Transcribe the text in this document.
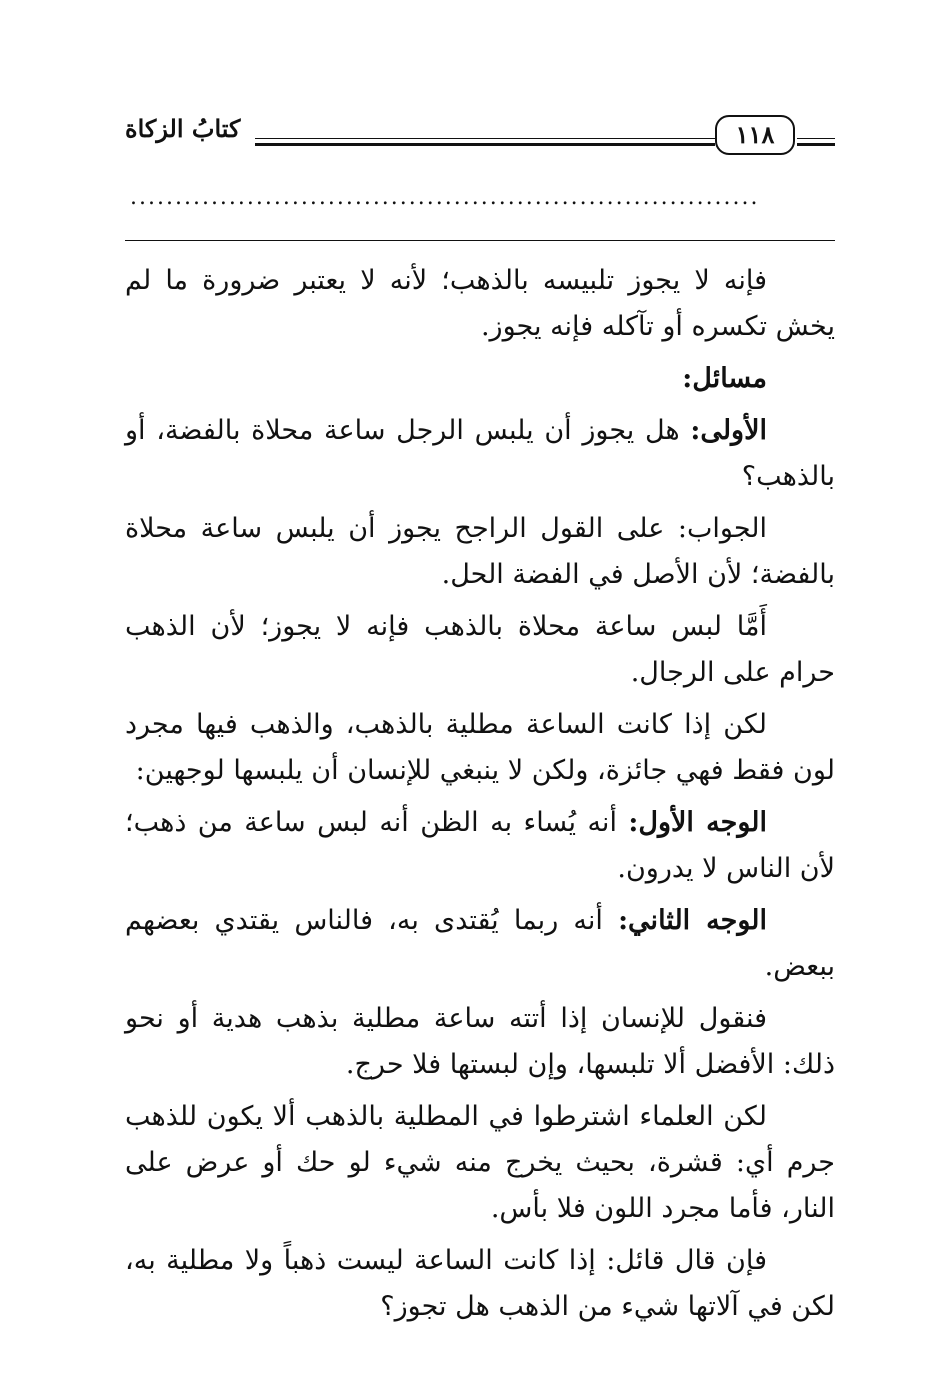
كتابُ الزكاة	١١٨
......................................................................

فإنه لا يجوز تلبيسه بالذهب؛ لأنه لا يعتبر ضرورة ما لم يخش تكسره أو تآكله فإنه يجوز.

مسائل:

الأولى: هل يجوز أن يلبس الرجل ساعة محلاة بالفضة، أو بالذهب؟

الجواب: على القول الراجح يجوز أن يلبس ساعة محلاة بالفضة؛ لأن الأصل في الفضة الحل.

أَمَّا لبس ساعة محلاة بالذهب فإنه لا يجوز؛ لأن الذهب حرام على الرجال.

لكن إذا كانت الساعة مطلية بالذهب، والذهب فيها مجرد لون فقط فهي جائزة، ولكن لا ينبغي للإنسان أن يلبسها لوجهين:

الوجه الأول: أنه يُساء به الظن أنه لبس ساعة من ذهب؛ لأن الناس لا يدرون.

الوجه الثاني: أنه ربما يُقتدى به، فالناس يقتدي بعضهم ببعض.

فنقول للإنسان إذا أتته ساعة مطلية بذهب هدية أو نحو ذلك: الأفضل ألا تلبسها، وإن لبستها فلا حرج.

لكن العلماء اشترطوا في المطلية بالذهب ألا يكون للذهب جرم أي: قشرة، بحيث يخرج منه شيء لو حك أو عرض على النار، فأما مجرد اللون فلا بأس.

فإن قال قائل: إذا كانت الساعة ليست ذهباً ولا مطلية به، لكن في آلاتها شيء من الذهب هل تجوز؟
